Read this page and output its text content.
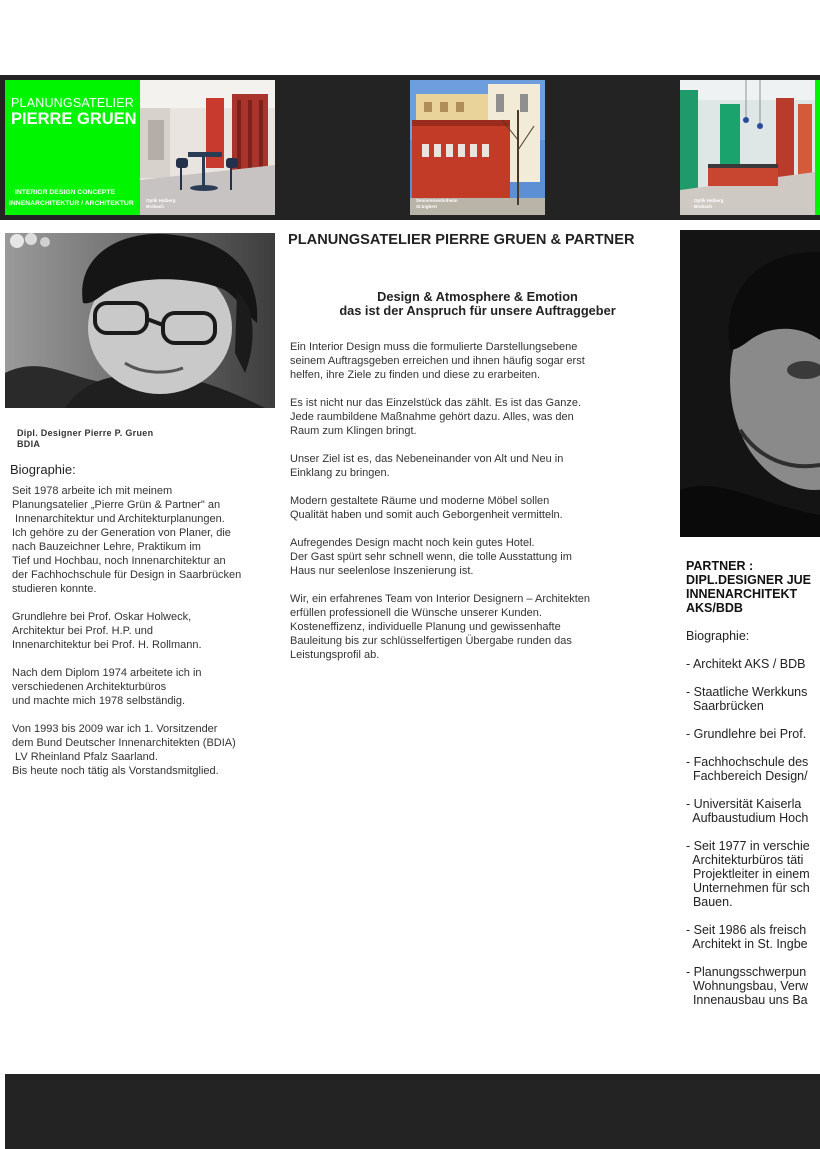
PLANUNGSATELIER
PIERRE GRUEN
INTERIOR DESIGN CONCEPTE
INNENARCHITEKTUR / ARCHITEKTUR	Optik Halberg
Brebach
Seniorenwohnheim
St.Ingbert
Optik Halberg
Brebach
Dipl. Designer Pierre P. Gruen
BDIA
Biographie:
Seit 1978 arbeite ich mit meinem
Planungsatelier „Pierre Grün & Partner" an
Innenarchitektur und Architekturplanungen.
Ich gehöre zu der Generation von Planer, die
nach Bauzeichner Lehre, Praktikum im
Tief und Hochbau, noch Innenarchitektur an
der Fachhochschule für Design in Saarbrücken
studieren konnte.
Grundlehre bei Prof. Oskar Holweck,
Architektur bei Prof. H.P. und
Innenarchitektur bei Prof. H. Rollmann.
Nach dem Diplom 1974 arbeitete ich in
verschiedenen Architekturbüros
und machte mich 1978 selbständig.
Von 1993 bis 2009 war ich 1. Vorsitzender
dem Bund Deutscher Innenarchitekten (BDIA)
LV Rheinland Pfalz Saarland.
Bis heute noch tätig als Vorstandsmitglied.
PLANUNGSATELIER PIERRE GRUEN & PARTNER
Design & Atmosphere & Emotion
das ist der Anspruch für unsere Auftraggeber
Ein Interior Design muss die formulierte Darstellungsebene
seinem Auftragsgeben erreichen und ihnen häufig sogar erst
helfen, ihre Ziele zu finden und diese zu erarbeiten.
Es ist nicht nur das Einzelstück das zählt. Es ist das Ganze.
Jede raumbildene Maßnahme gehört dazu. Alles, was den
Raum zum Klingen bringt.
Unser Ziel ist es, das Nebeneinander von Alt und Neu in
Einklang zu bringen.
Modern gestaltete Räume und moderne Möbel sollen
Qualität haben und somit auch Geborgenheit vermitteln.
Aufregendes Design macht noch kein gutes Hotel.
Der Gast spürt sehr schnell wenn, die tolle Ausstattung im
Haus nur seelenlose Inszenierung ist.
Wir, ein erfahrenes Team von Interior Designern – Architekten
erfüllen professionell die Wünsche unserer Kunden.
Kosteneffizenz, individuelle Planung und gewissenhafte
Bauleitung bis zur schlüsselfertigen Übergabe runden das
Leistungsprofil ab.
PARTNER :
DIPL.DESIGNER JUE
INNENARCHITEKT
AKS/BDB
Biographie:
- Architekt AKS / BDB
- Staatliche Werkkuns
Saarbrücken
- Grundlehre bei Prof.
- Fachhochschule des
Fachbereich Design/
- Universität Kaiserla
Aufbaustudium Hoch
- Seit 1977 in verschie
Architekturbüros täti
Projektleiter in einem
Unternehmen für sch
Bauen.
- Seit 1986 als freisch
Architekt in St. Ingbe
- Planungsschwerpun
Wohnungsbau, Verw
Innenausbau uns Ba
